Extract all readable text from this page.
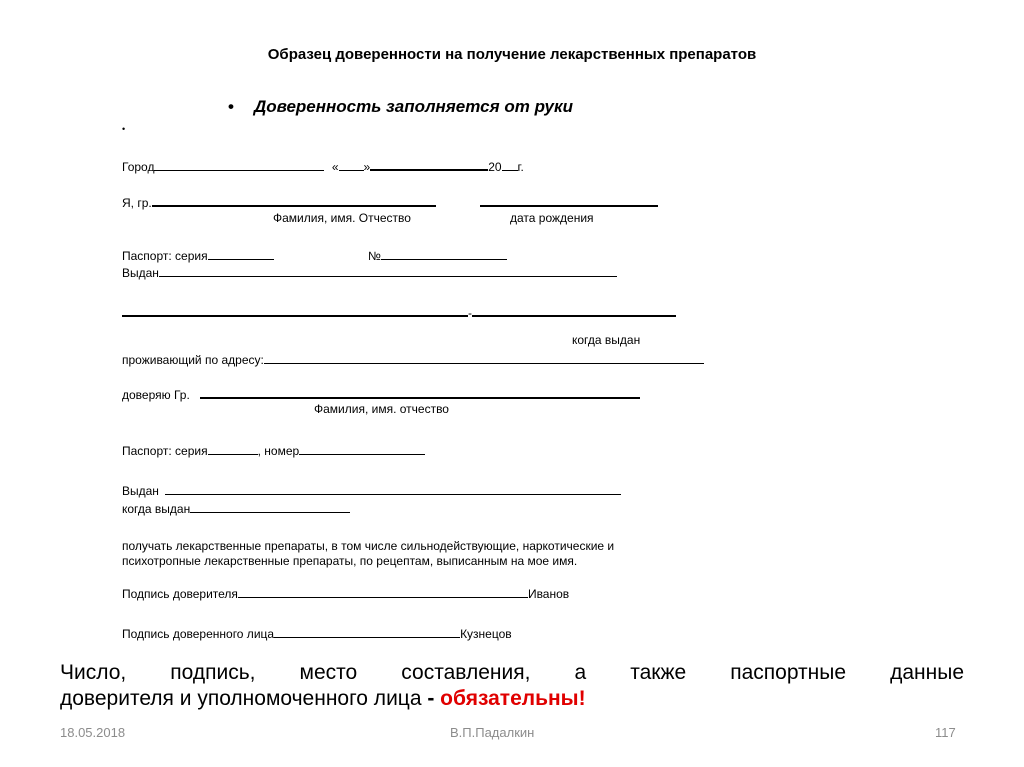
Образец доверенности на получение лекарственных препаратов
• Доверенность заполняется от руки
•
Город	« »	20 г.
Я, гр.
Фамилия, имя. Отчество	дата рождения
Паспорт: серия	№
Выдан
-
когда выдан
проживающий по адресу:
доверяю Гр.
Фамилия, имя. отчество
Паспорт: серия	, номер
Выдан
когда выдан
получать лекарственные препараты, в том числе сильнодействующие, наркотические и
психотропные лекарственные препараты, по рецептам, выписанным на мое имя.
Подпись доверителя	Иванов
Подпись доверенного лица	Кузнецов
Число, подпись, место составления, а также паспортные данные
доверителя и уполномоченного лица - обязательны!
18.05.2018	В.П.Падалкин	117
